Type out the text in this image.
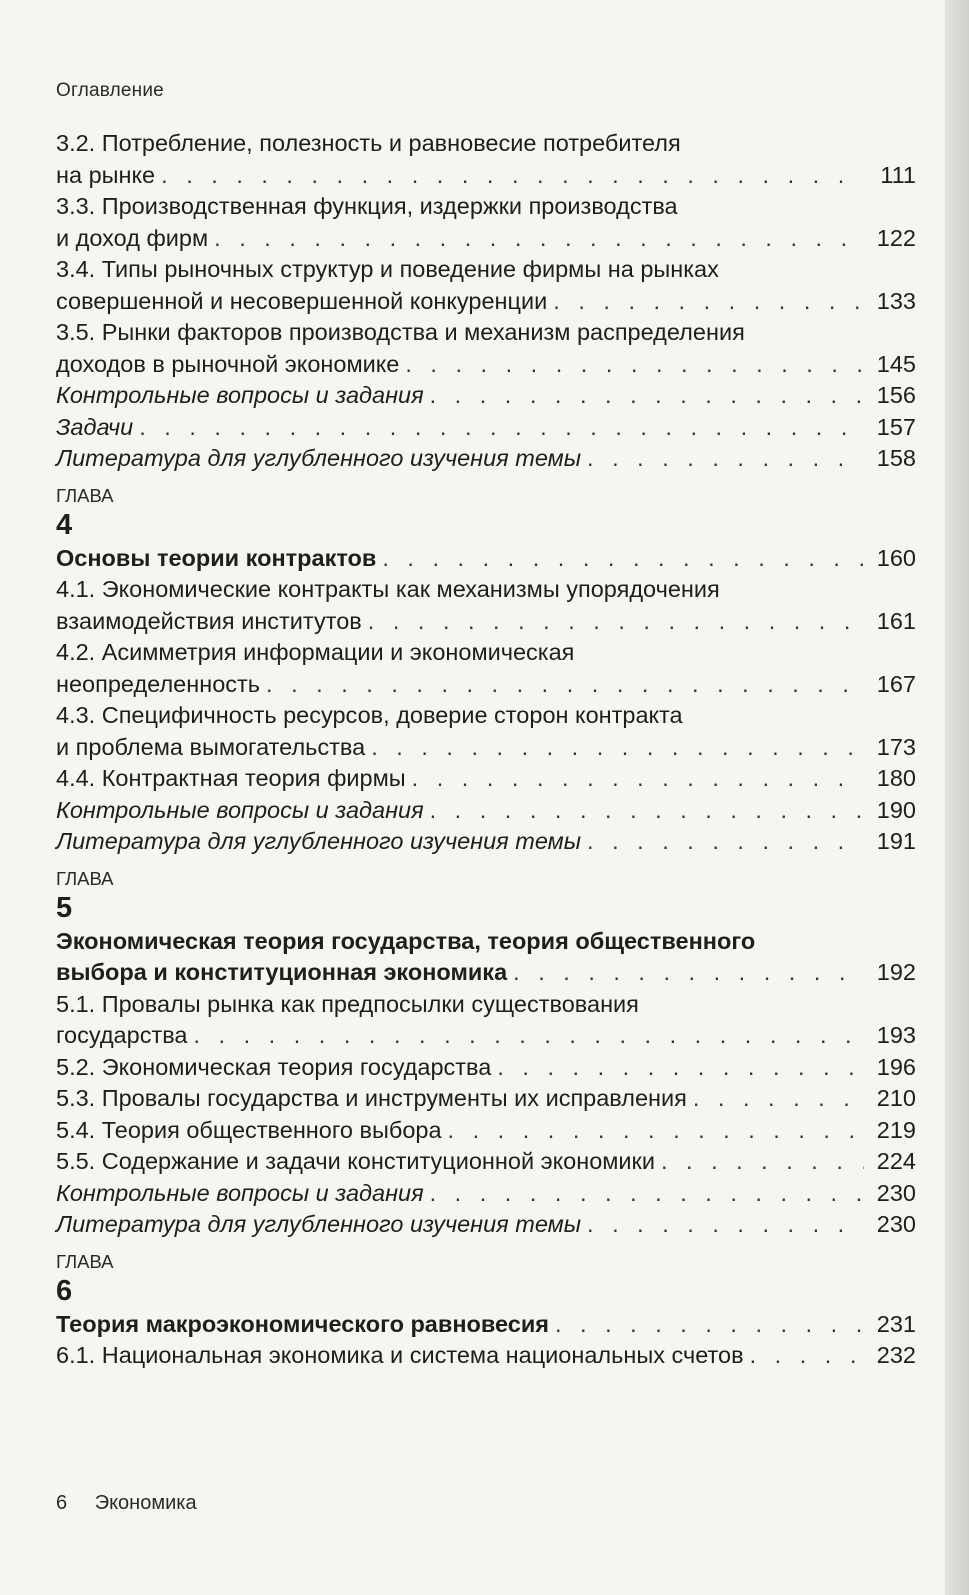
Оглавление
3.2. Потребление, полезность и равновесие потребителя
на рынке . . .	111
3.3. Производственная функция, издержки производства
и доход фирм . . .	122
3.4. Типы рыночных структур и поведение фирмы на рынках
совершенной и несовершенной конкуренции . . .	133
3.5. Рынки факторов производства и механизм распределения
доходов в рыночной экономике . . .	145
Контрольные вопросы и задания . . .	156
Задачи . . .	157
Литература для углубленного изучения темы . . .	158
ГЛАВА
4
Основы теории контрактов . . .	160
4.1. Экономические контракты как механизмы упорядочения
взаимодействия институтов . . .	161
4.2. Асимметрия информации и экономическая
неопределенность . . .	167
4.3. Специфичность ресурсов, доверие сторон контракта
и проблема вымогательства . . .	173
4.4. Контрактная теория фирмы . . .	180
Контрольные вопросы и задания . . .	190
Литература для углубленного изучения темы . . .	191
ГЛАВА
5
Экономическая теория государства, теория общественного
выбора и конституционная экономика . . .	192
5.1. Провалы рынка как предпосылки существования
государства . . .	193
5.2. Экономическая теория государства . . .	196
5.3. Провалы государства и инструменты их исправления . . .	210
5.4. Теория общественного выбора . . .	219
5.5. Содержание и задачи конституционной экономики . . .	224
Контрольные вопросы и задания . . .	230
Литература для углубленного изучения темы . . .	230
ГЛАВА
6
Теория макроэкономического равновесия . . .	231
6.1. Национальная экономика и система национальных счетов . . .	232
6 Экономика
